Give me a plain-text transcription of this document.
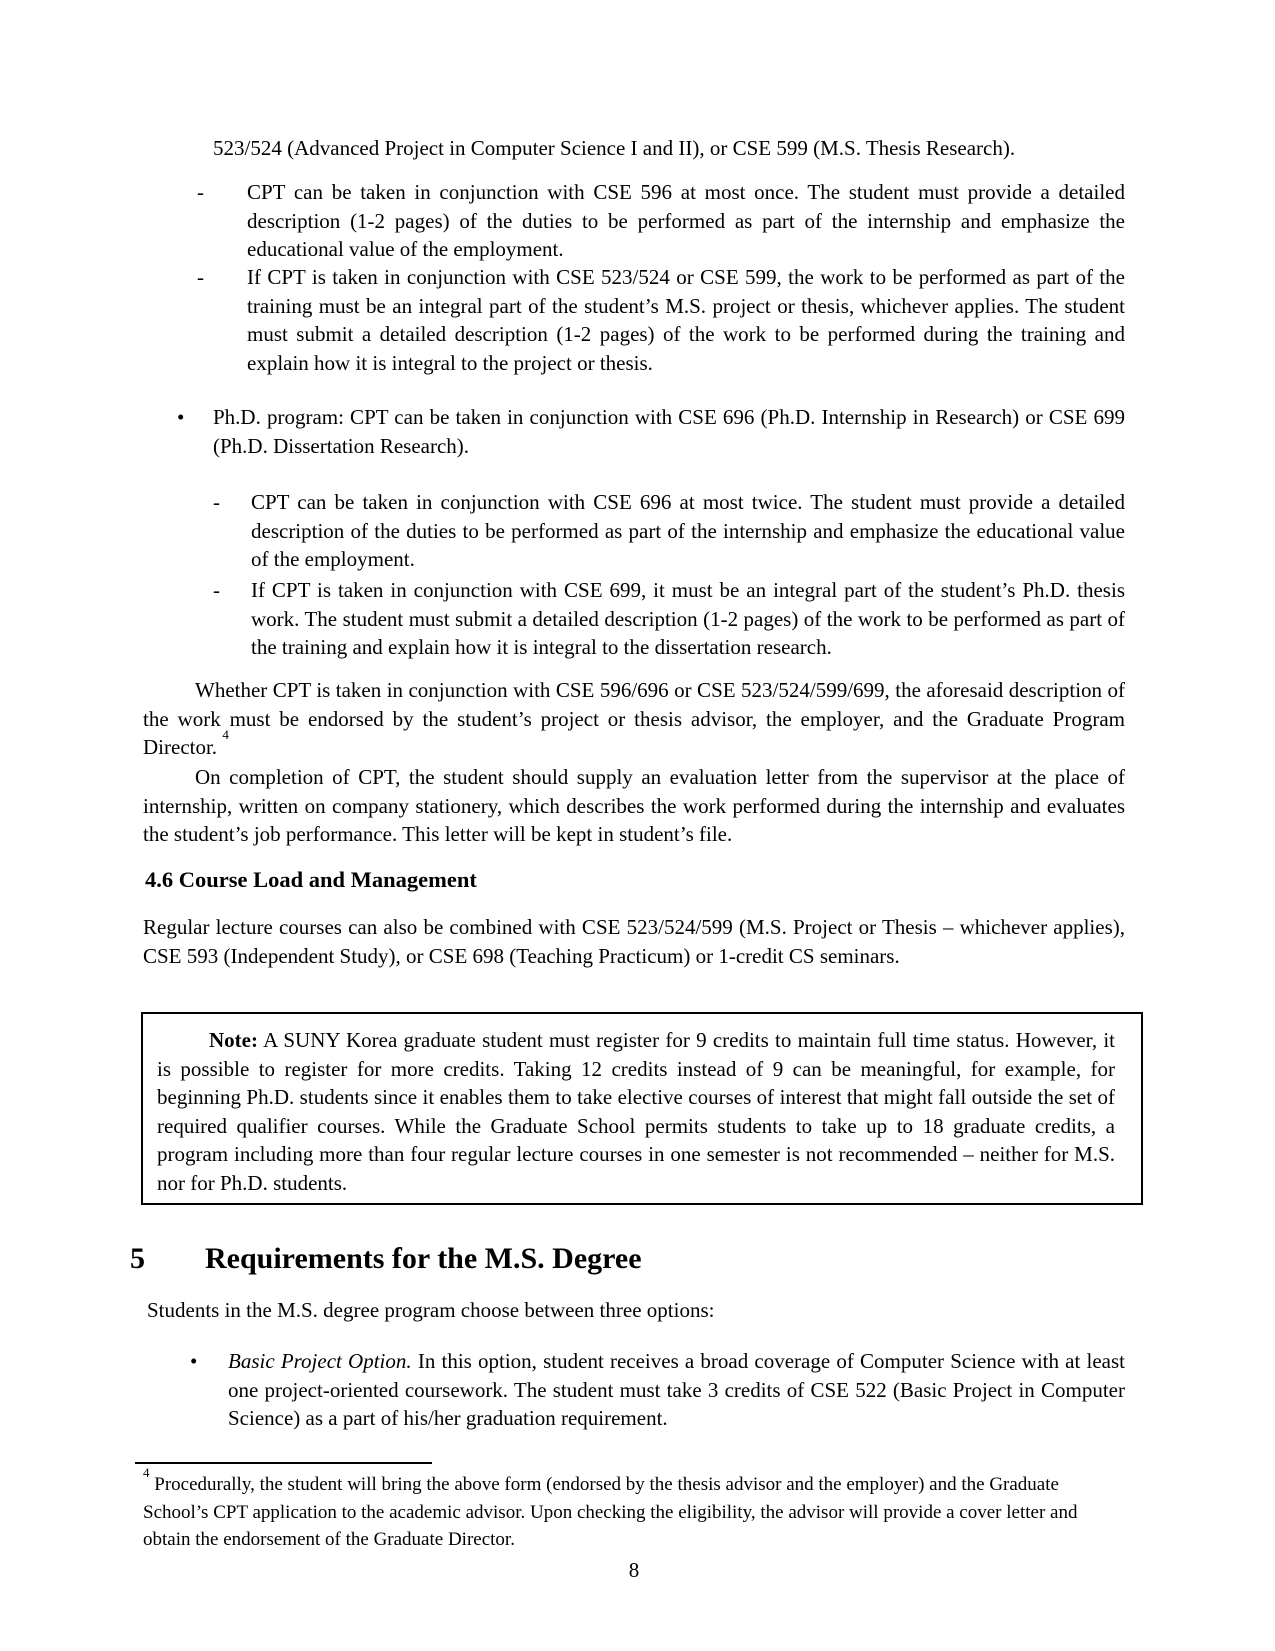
523/524 (Advanced Project in Computer Science I and II), or CSE 599 (M.S. Thesis Research).
- CPT can be taken in conjunction with CSE 596 at most once. The student must provide a detailed description (1-2 pages) of the duties to be performed as part of the internship and emphasize the educational value of the employment.
- If CPT is taken in conjunction with CSE 523/524 or CSE 599, the work to be performed as part of the training must be an integral part of the student’s M.S. project or thesis, whichever applies. The student must submit a detailed description (1-2 pages) of the work to be performed during the training and explain how it is integral to the project or thesis.
• Ph.D. program: CPT can be taken in conjunction with CSE 696 (Ph.D. Internship in Research) or CSE 699 (Ph.D. Dissertation Research).
- CPT can be taken in conjunction with CSE 696 at most twice. The student must provide a detailed description of the duties to be performed as part of the internship and emphasize the educational value of the employment.
- If CPT is taken in conjunction with CSE 699, it must be an integral part of the student’s Ph.D. thesis work. The student must submit a detailed description (1-2 pages) of the work to be performed as part of the training and explain how it is integral to the dissertation research.
Whether CPT is taken in conjunction with CSE 596/696 or CSE 523/524/599/699, the aforesaid description of the work must be endorsed by the student’s project or thesis advisor, the employer, and the Graduate Program Director. $^4$
On completion of CPT, the student should supply an evaluation letter from the supervisor at the place of internship, written on company stationery, which describes the work performed during the internship and evaluates the student’s job performance. This letter will be kept in student’s file.
4.6 Course Load and Management
Regular lecture courses can also be combined with CSE 523/524/599 (M.S. Project or Thesis – whichever applies), CSE 593 (Independent Study), or CSE 698 (Teaching Practicum) or 1-credit CS seminars.
Note: A SUNY Korea graduate student must register for 9 credits to maintain full time status. However, it is possible to register for more credits. Taking 12 credits instead of 9 can be meaningful, for example, for beginning Ph.D. students since it enables them to take elective courses of interest that might fall outside the set of required qualifier courses. While the Graduate School permits students to take up to 18 graduate credits, a program including more than four regular lecture courses in one semester is not recommended – neither for M.S. nor for Ph.D. students.
5 Requirements for the M.S. Degree
Students in the M.S. degree program choose between three options:
• Basic Project Option. In this option, student receives a broad coverage of Computer Science with at least one project-oriented coursework. The student must take 3 credits of CSE 522 (Basic Project in Computer Science) as a part of his/her graduation requirement.
$^4$ Procedurally, the student will bring the above form (endorsed by the thesis advisor and the employer) and the Graduate School’s CPT application to the academic advisor. Upon checking the eligibility, the advisor will provide a cover letter and obtain the endorsement of the Graduate Director.
8
